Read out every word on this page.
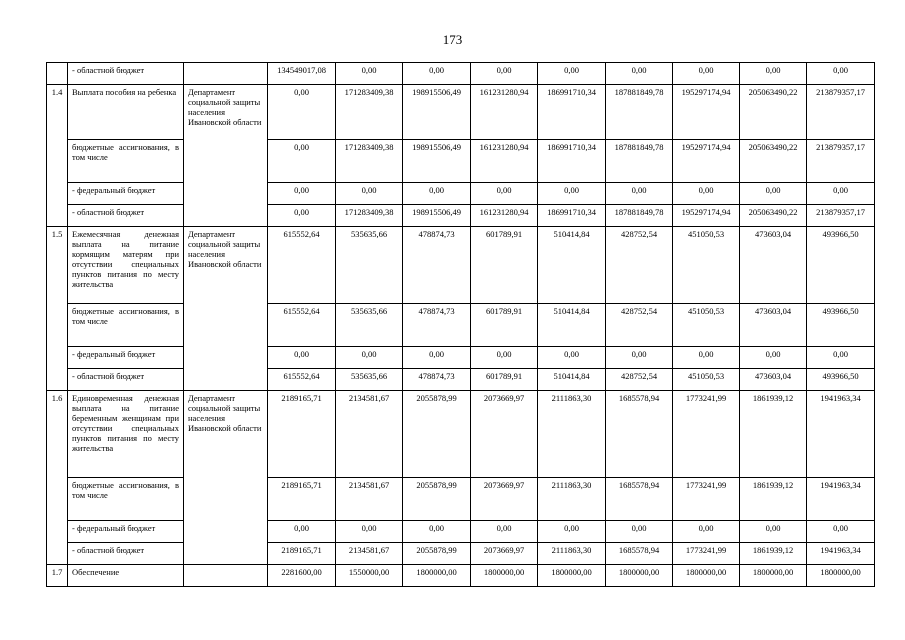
173
	- областной бюджет		134549017,08	0,00	0,00	0,00	0,00	0,00	0,00	0,00	0,00
1.4	Выплата пособия на ребенка	Департамент социальной защиты населения Ивановской области	0,00	171283409,38	198915506,49	161231280,94	186991710,34	187881849,78	195297174,94	205063490,22	213879357,17
	бюджетные ассигнования, в том числе		0,00	171283409,38	198915506,49	161231280,94	186991710,34	187881849,78	195297174,94	205063490,22	213879357,17
	- федеральный бюджет		0,00	0,00	0,00	0,00	0,00	0,00	0,00	0,00	0,00
	- областной бюджет		0,00	171283409,38	198915506,49	161231280,94	186991710,34	187881849,78	195297174,94	205063490,22	213879357,17
1.5	Ежемесячная денежная выплата на питание кормящим матерям при отсутствии специальных пунктов питания по месту жительства	Департамент социальной защиты населения Ивановской области	615552,64	535635,66	478874,73	601789,91	510414,84	428752,54	451050,53	473603,04	493966,50
	бюджетные ассигнования, в том числе		615552,64	535635,66	478874,73	601789,91	510414,84	428752,54	451050,53	473603,04	493966,50
	- федеральный бюджет		0,00	0,00	0,00	0,00	0,00	0,00	0,00	0,00	0,00
	- областной бюджет		615552,64	535635,66	478874,73	601789,91	510414,84	428752,54	451050,53	473603,04	493966,50
1.6	Единовременная денежная выплата на питание беременным женщинам при отсутствии специальных пунктов питания по месту жительства	Департамент социальной защиты населения Ивановской области	2189165,71	2134581,67	2055878,99	2073669,97	2111863,30	1685578,94	1773241,99	1861939,12	1941963,34
	бюджетные ассигнования, в том числе		2189165,71	2134581,67	2055878,99	2073669,97	2111863,30	1685578,94	1773241,99	1861939,12	1941963,34
	- федеральный бюджет		0,00	0,00	0,00	0,00	0,00	0,00	0,00	0,00	0,00
	- областной бюджет		2189165,71	2134581,67	2055878,99	2073669,97	2111863,30	1685578,94	1773241,99	1861939,12	1941963,34
1.7	Обеспечение		2281600,00	1550000,00	1800000,00	1800000,00	1800000,00	1800000,00	1800000,00	1800000,00	1800000,00
